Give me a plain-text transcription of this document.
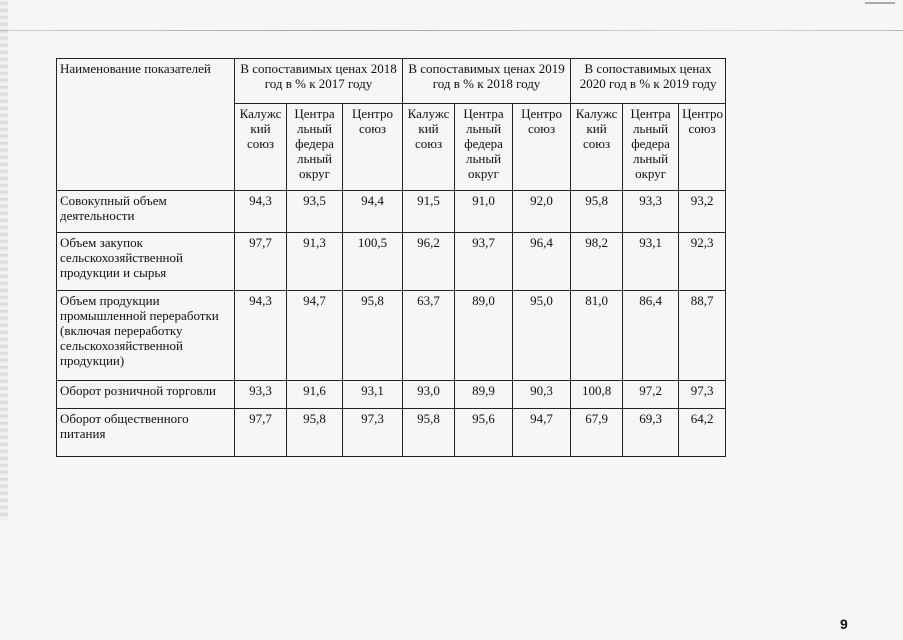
Наименование показателей	В сопоставимых ценах 2018 год в % к 2017 году			В сопоставимых ценах 2019 год в % к 2018 году			В сопоставимых ценах 2020 год в % к 2019 году		
	Калужс кий союз	Центра льный федера льный округ	Центро союз	Калужс кий союз	Центра льный федера льный округ	Центро союз	Калужс кий союз	Центра льный федера льный округ	Центро союз
Совокупный объем деятельности	94,3	93,5	94,4	91,5	91,0	92,0	95,8	93,3	93,2
Объем закупок сельскохозяйственной продукции и сырья	97,7	91,3	100,5	96,2	93,7	96,4	98,2	93,1	92,3
Объем продукции промышленной переработки (включая переработку сельскохозяйственной продукции)	94,3	94,7	95,8	63,7	89,0	95,0	81,0	86,4	88,7
Оборот розничной торговли	93,3	91,6	93,1	93,0	89,9	90,3	100,8	97,2	97,3
Оборот общественного питания	97,7	95,8	97,3	95,8	95,6	94,7	67,9	69,3	64,2
9
